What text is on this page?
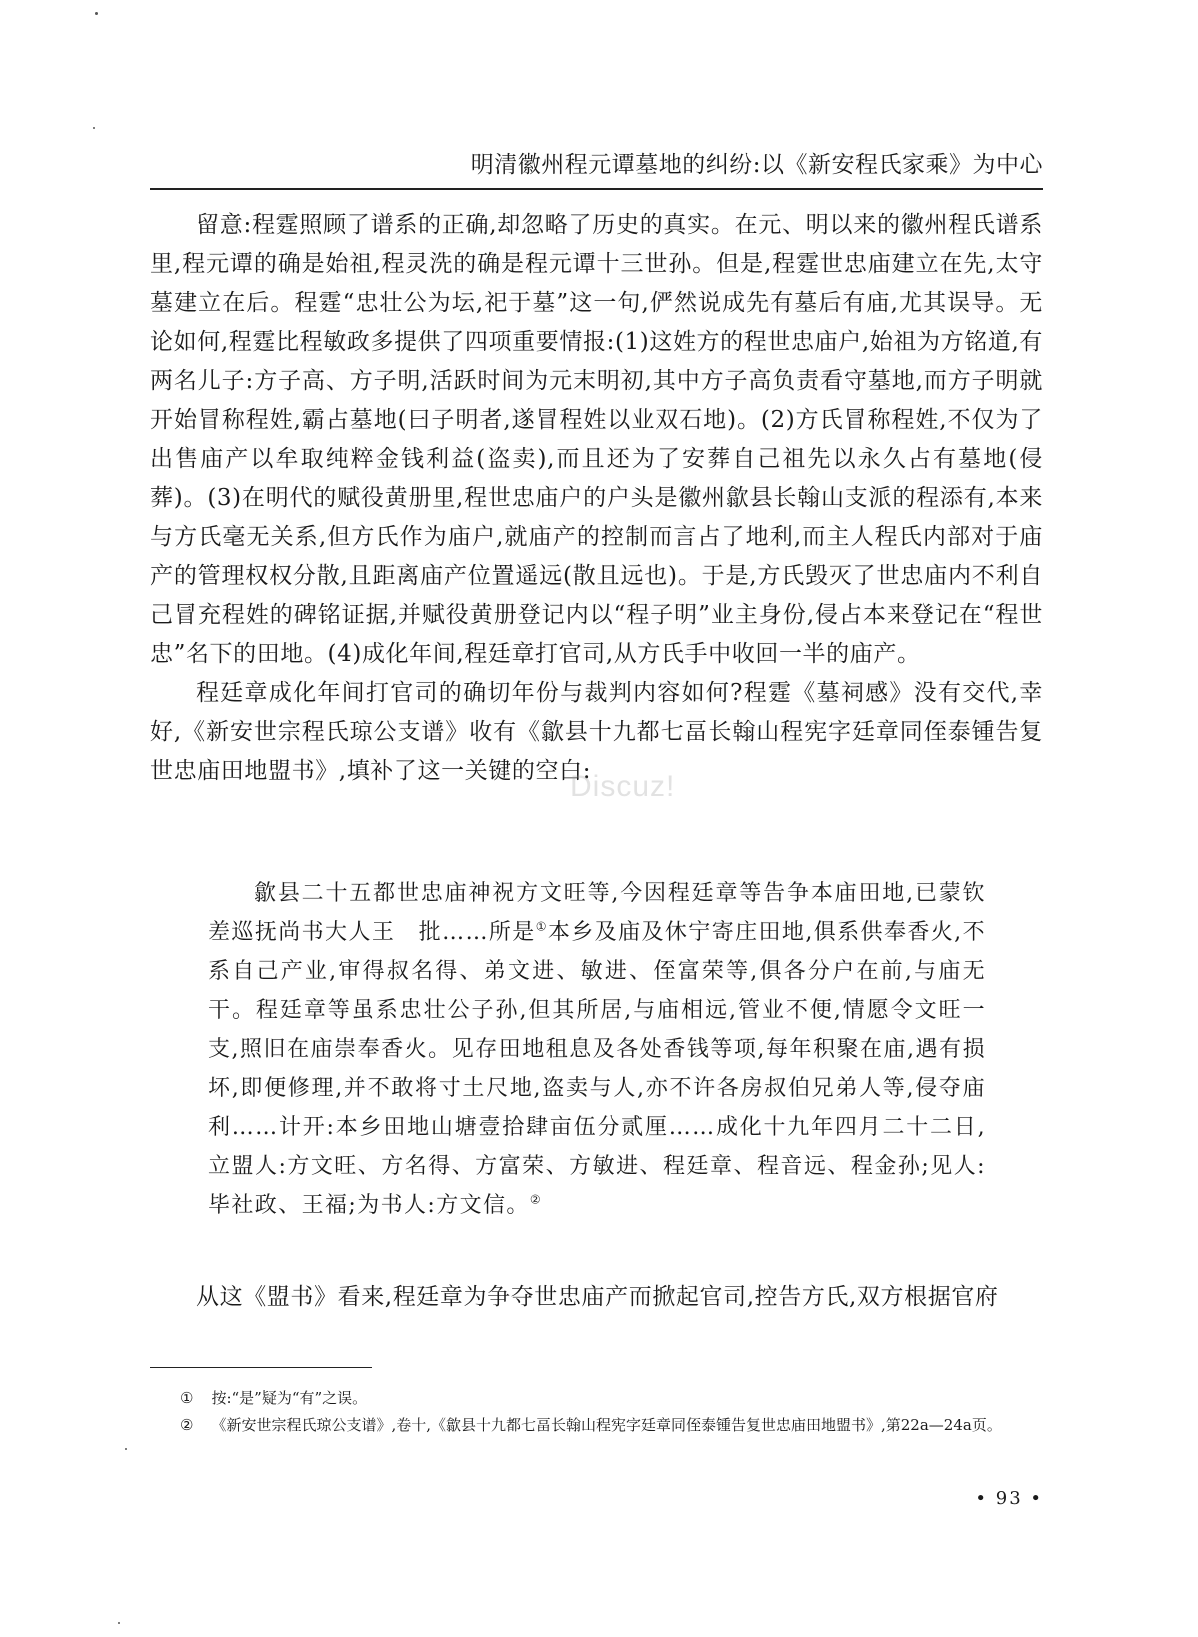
明清徽州程元谭墓地的纠纷:以《新安程氏家乘》为中心

留意:程霆照顾了谱系的正确,却忽略了历史的真实。在元、明以来的徽州程氏谱系里,程元谭的确是始祖,程灵洗的确是程元谭十三世孙。但是,程霆世忠庙建立在先,太守墓建立在后。程霆“忠壮公为坛,祀于墓”这一句,俨然说成先有墓后有庙,尤其误导。无论如何,程霆比程敏政多提供了四项重要情报:(1)这姓方的程世忠庙户,始祖为方铭道,有两名儿子:方子高、方子明,活跃时间为元末明初,其中方子高负责看守墓地,而方子明就开始冒称程姓,霸占墓地(曰子明者,遂冒程姓以业双石地)。(2)方氏冒称程姓,不仅为了出售庙产以牟取纯粹金钱利益(盗卖),而且还为了安葬自己祖先以永久占有墓地(侵葬)。(3)在明代的赋役黄册里,程世忠庙户的户头是徽州歙县长翰山支派的程添有,本来与方氏毫无关系,但方氏作为庙户,就庙产的控制而言占了地利,而主人程氏内部对于庙产的管理权权分散,且距离庙产位置遥远(散且远也)。于是,方氏毁灭了世忠庙内不利自己冒充程姓的碑铭证据,并赋役黄册登记内以“程子明”业主身份,侵占本来登记在“程世忠”名下的田地。(4)成化年间,程廷章打官司,从方氏手中收回一半的庙产。

程廷章成化年间打官司的确切年份与裁判内容如何?程霆《墓祠感》没有交代,幸好,《新安世宗程氏琼公支谱》收有《歙县十九都七畐长翰山程宪字廷章同侄泰锺告复世忠庙田地盟书》,填补了这一关键的空白:

歙县二十五都世忠庙神祝方文旺等,今因程廷章等告争本庙田地,已蒙钦差巡抚尚书大人王　批……所是①本乡及庙及休宁寄庄田地,俱系供奉香火,不系自己产业,审得叔名得、弟文进、敏进、侄富荣等,俱各分户在前,与庙无干。程廷章等虽系忠壮公子孙,但其所居,与庙相远,管业不便,情愿令文旺一支,照旧在庙崇奉香火。见存田地租息及各处香钱等项,每年积聚在庙,遇有损坏,即便修理,并不敢将寸土尺地,盗卖与人,亦不许各房叔伯兄弟人等,侵夺庙利……计开:本乡田地山塘壹拾肆亩伍分贰厘……成化十九年四月二十二日,立盟人:方文旺、方名得、方富荣、方敏进、程廷章、程音远、程金孙;见人:毕社政、王福;为书人:方文信。②

从这《盟书》看来,程廷章为争夺世忠庙产而掀起官司,控告方氏,双方根据官府

① 按:“是”疑为“有”之误。

② 《新安世宗程氏琼公支谱》,卷十,《歙县十九都七畐长翰山程宪字廷章同侄泰锺告复世忠庙田地盟书》,第22a—24a页。

• 93 •
Discuz!
